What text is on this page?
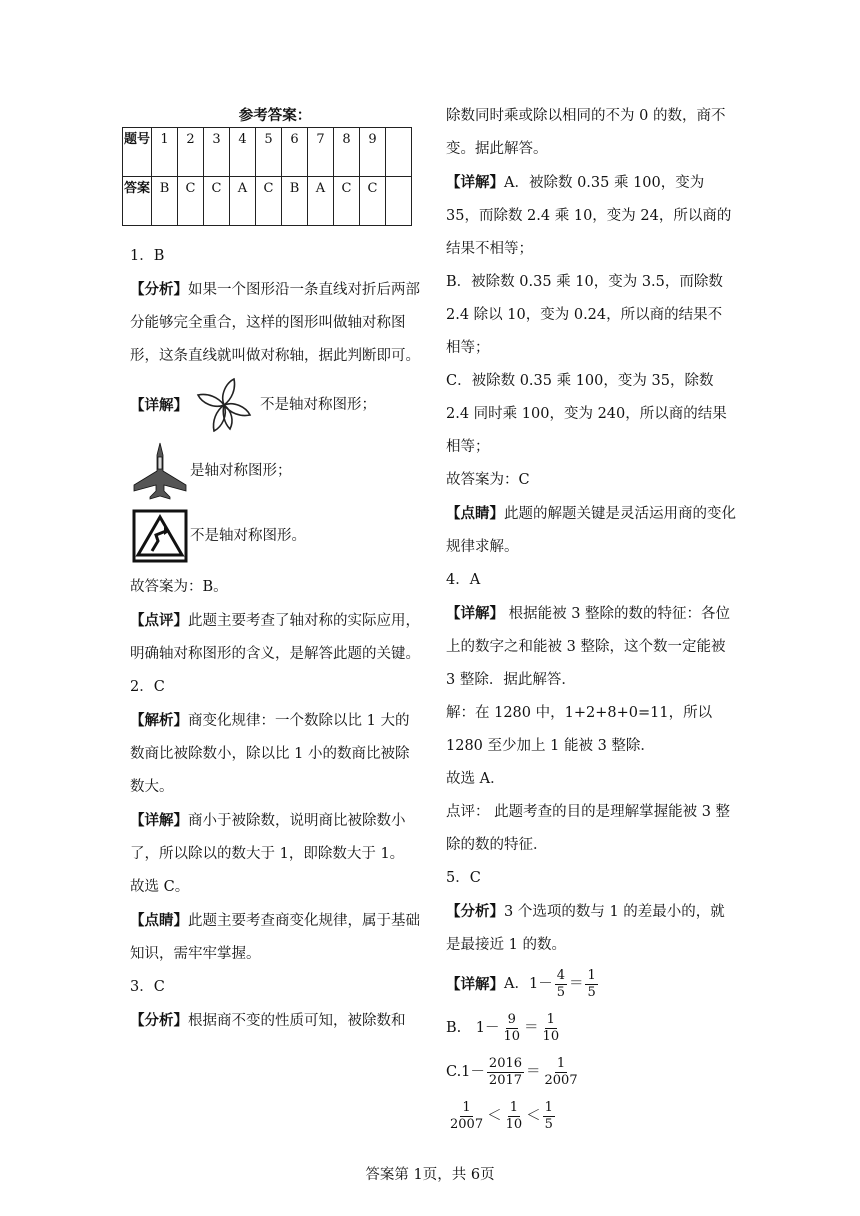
参考答案：

题号	1	2	3	4	5	6	7	8	9	
答案	B	C	C	A	C	B	A	C	C	

1．B

【分析】如果一个图形沿一条直线对折后两部分能够完全重合，这样的图形叫做轴对称图形，这条直线就叫做对称轴，据此判断即可。

【详解】	不是轴对称图形；
是轴对称图形；
不是轴对称图形。

故答案为：B。

【点评】此题主要考查了轴对称的实际应用，明确轴对称图形的含义，是解答此题的关键。

2．C

【解析】商变化规律：一个数除以比 1 大的数商比被除数小，除以比 1 小的数商比被除数大。

【详解】商小于被除数，说明商比被除数小了，所以除以的数大于 1，即除数大于 1。

故选 C。

【点睛】此题主要考查商变化规律，属于基础知识，需牢牢掌握。

3．C

【分析】根据商不变的性质可知，被除数和

除数同时乘或除以相同的不为 0 的数，商不变。据此解答。

【详解】A．被除数 0.35 乘 100，变为 35，而除数 2.4 乘 10，变为 24，所以商的结果不相等；

B．被除数 0.35 乘 10，变为 3.5，而除数 2.4 除以 10，变为 0.24，所以商的结果不相等；

C．被除数 0.35 乘 100，变为 35，除数 2.4 同时乘 100，变为 240，所以商的结果相等；

故答案为：C

【点睛】此题的解题关键是灵活运用商的变化规律求解。

4．A

【详解】 根据能被 3 整除的数的特征：各位上的数字之和能被 3 整除，这个数一定能被 3 整除．据此解答．

解：在 1280 中，1+2+8+0=11，所以 1280 至少加上 1 能被 3 整除．

故选 A．

点评： 此题考查的目的是理解掌握能被 3 整除的数的特征．

5．C

【分析】3 个选项的数与 1 的差最小的，就是最接近 1 的数。

【详解】 A．$1- \frac{4}{5} = \frac{1}{5}$
B.　$1- \frac{9}{10} = \frac{1}{10}$
$C.1- \frac{2016}{2017} = \frac{1}{2007}$
$\frac{1}{2007} < \frac{1}{10} < \frac{1}{5}$
答案第 1页，共 6页
